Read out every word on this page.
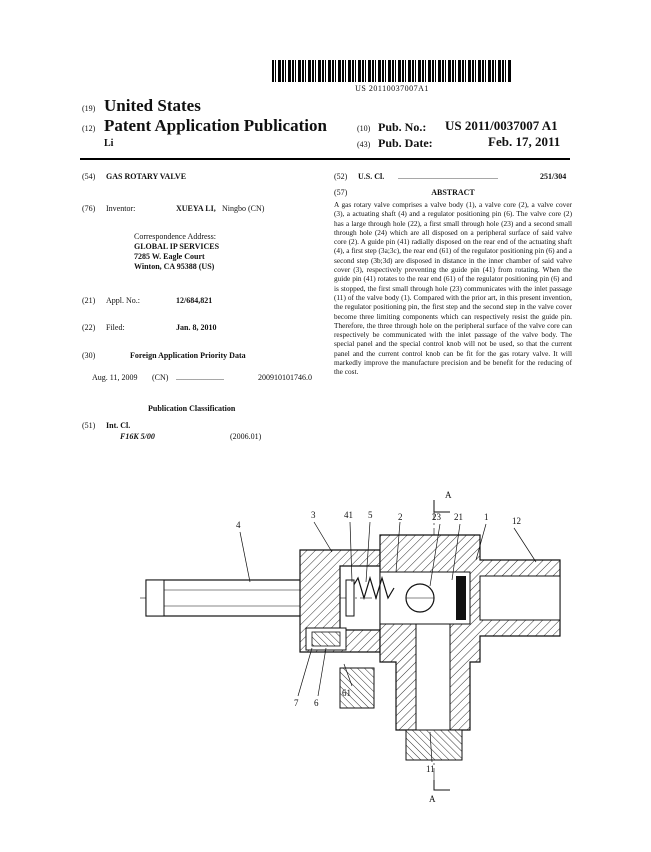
US 20110037007A1
(19) United States
(12) Patent Application Publication
Li
(10) Pub. No.: US 2011/0037007 A1
(43) Pub. Date:	Feb. 17, 2011
(54) GAS ROTARY VALVE
(76) Inventor:	XUEYA LI, Ningbo (CN)
Correspondence Address:
GLOBAL IP SERVICES
7285 W. Eagle Court
Winton, CA 95388 (US)
(21) Appl. No.:	12/684,821
(22) Filed:	Jan. 8, 2010
(30)	Foreign Application Priority Data
Aug. 11, 2009 (CN) ........................	200910101746.0
Publication Classification
(51) Int. Cl.
F16K 5/00	(2006.01)
(52) U.S. Cl. ..................................................	251/304
(57)	ABSTRACT
A gas rotary valve comprises a valve body (1), a valve core (2), a valve cover (3), a actuating shaft (4) and a regulator positioning pin (6). The valve core (2) has a large through hole (22), a first small through hole (23) and a second small through hole (24) which are all disposed on a peripheral surface of said valve core (2). A guide pin (41) radially disposed on the rear end of the actuating shaft (4), a first step (3a;3c), the rear end (61) of the regulator positioning pin (6) and a second step (3b;3d) are disposed in distance in the inner chamber of said valve cover (3), respectively preventing the guide pin (41) from rotating. When the guide pin (41) rotates to the rear end (61) of the regulator positioning pin (6) and is stopped, the first small through hole (23) communicates with the inlet passage (11) of the valve body (1). Compared with the prior art, in this present invention, the regulator positioning pin, the first step and the second step in the valve cover become three limiting components which can respectively resist the guide pin. Therefore, the three through hole on the peripheral surface of the valve core can respectively be communicated with the inlet passage of the valve body. The special panel and the special control knob will not be used, so that the current panel and the current control knob can be fit for the gas rotary valve. It will markedly improve the manufacture precision and be benefit for the reducing of the cost.
A
A
4
3	41 5	2	23 21 1	12
7 6
61
11
